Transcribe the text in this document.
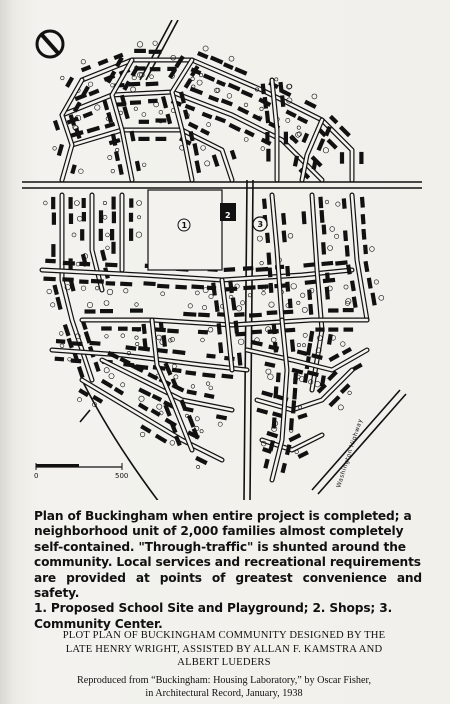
1
2
3
Washington Highway
0	500
Plan of Buckingham when entire project is completed; a
neighborhood unit of 2,000 families almost completely
self-contained. "Through-traffic" is shunted around the
community. Local services and recreational requirements
are provided at points of greatest convenience and safety.
1. Proposed School Site and Playground; 2. Shops; 3.
Community Center.
PLOT PLAN OF BUCKINGHAM COMMUNITY DESIGNED BY THE
LATE HENRY WRIGHT, ASSISTED BY ALLAN F. KAMSTRA AND
ALBERT LUEDERS
Reproduced from “Buckingham: Housing Laboratory,” by Oscar Fisher,
in Architectural Record, January, 1938
